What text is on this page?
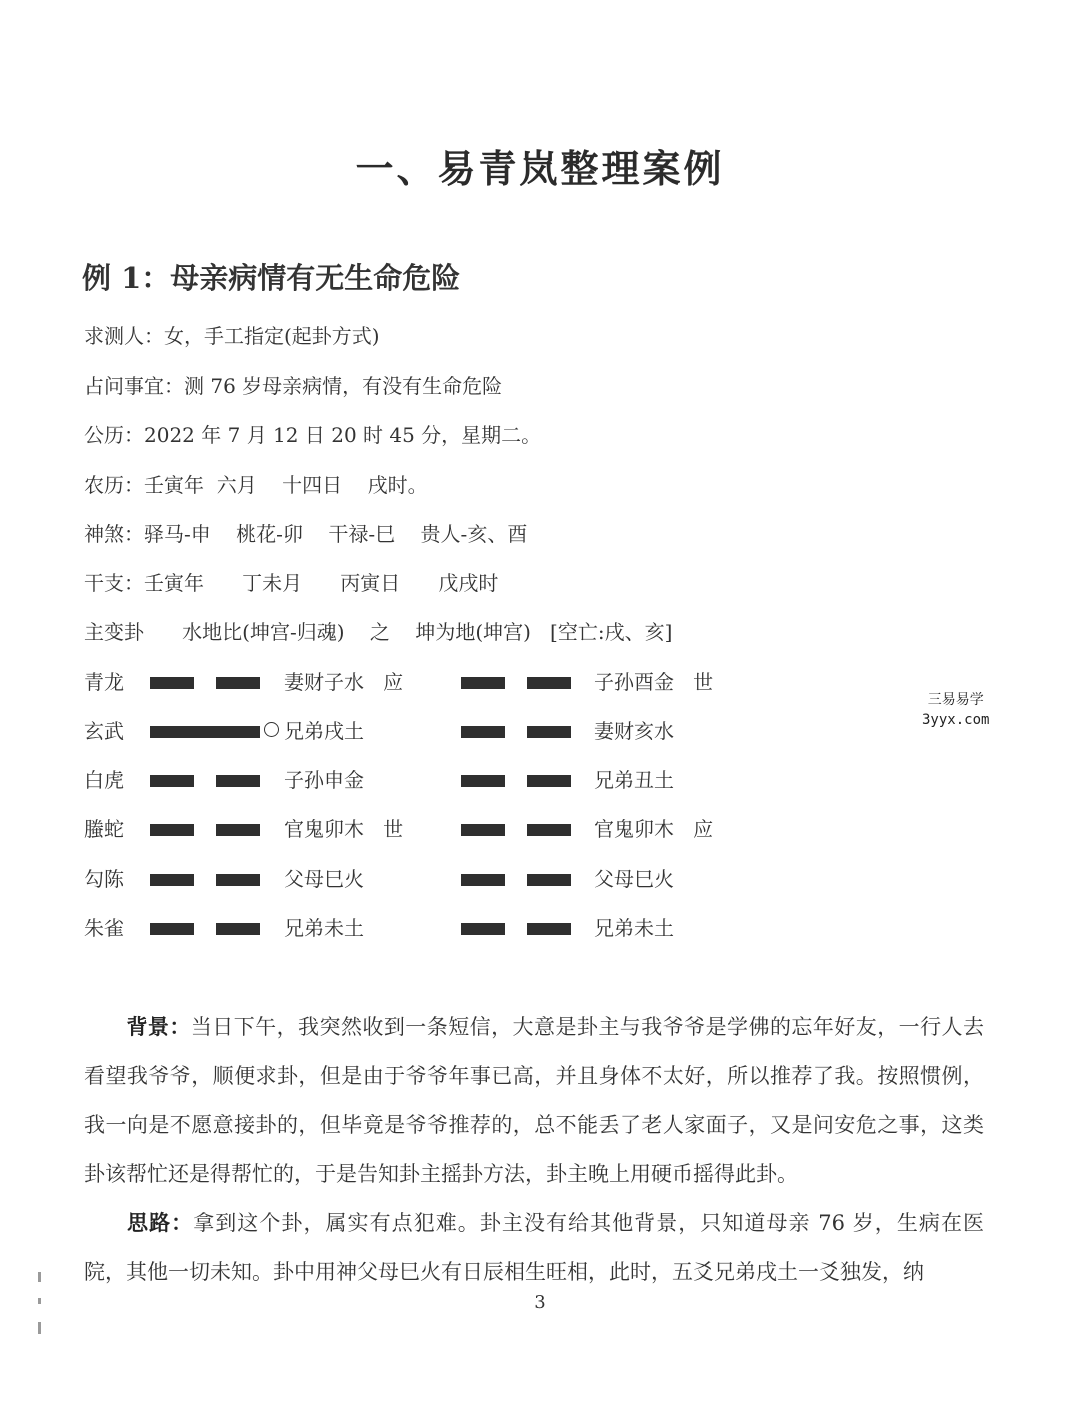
一、易青岚整理案例
例 1：母亲病情有无生命危险
求测人：女，手工指定(起卦方式)
占问事宜：测 76 岁母亲病情，有没有生命危险
公历：2022 年 7 月 12 日 20 时 45 分，星期二。
农历：壬寅年  六月    十四日    戌时。
神煞：驿马-申    桃花-卯    干禄-巳    贵人-亥、酉
干支：壬寅年      丁未月      丙寅日      戊戌时
主变卦      水地比(坤宫-归魂)    之    坤为地(坤宫)   [空亡:戌、亥]
青龙	妻财子水   应	子孙酉金   世
玄武	兄弟戌土	妻财亥水
白虎	子孙申金	兄弟丑土
螣蛇	官鬼卯木   世	官鬼卯木   应
勾陈	父母巳火	父母巳火
朱雀	兄弟未土	兄弟未土
三易易学
3yyx.com
背景：当日下午，我突然收到一条短信，大意是卦主与我爷爷是学佛的忘年好友，一行人去看望我爷爷，顺便求卦，但是由于爷爷年事已高，并且身体不太好，所以推荐了我。按照惯例，我一向是不愿意接卦的，但毕竟是爷爷推荐的，总不能丢了老人家面子，又是问安危之事，这类卦该帮忙还是得帮忙的，于是告知卦主摇卦方法，卦主晚上用硬币摇得此卦。
思路：拿到这个卦，属实有点犯难。卦主没有给其他背景，只知道母亲 76 岁，生病在医院，其他一切未知。卦中用神父母巳火有日辰相生旺相，此时，五爻兄弟戌土一爻独发，纳
3
